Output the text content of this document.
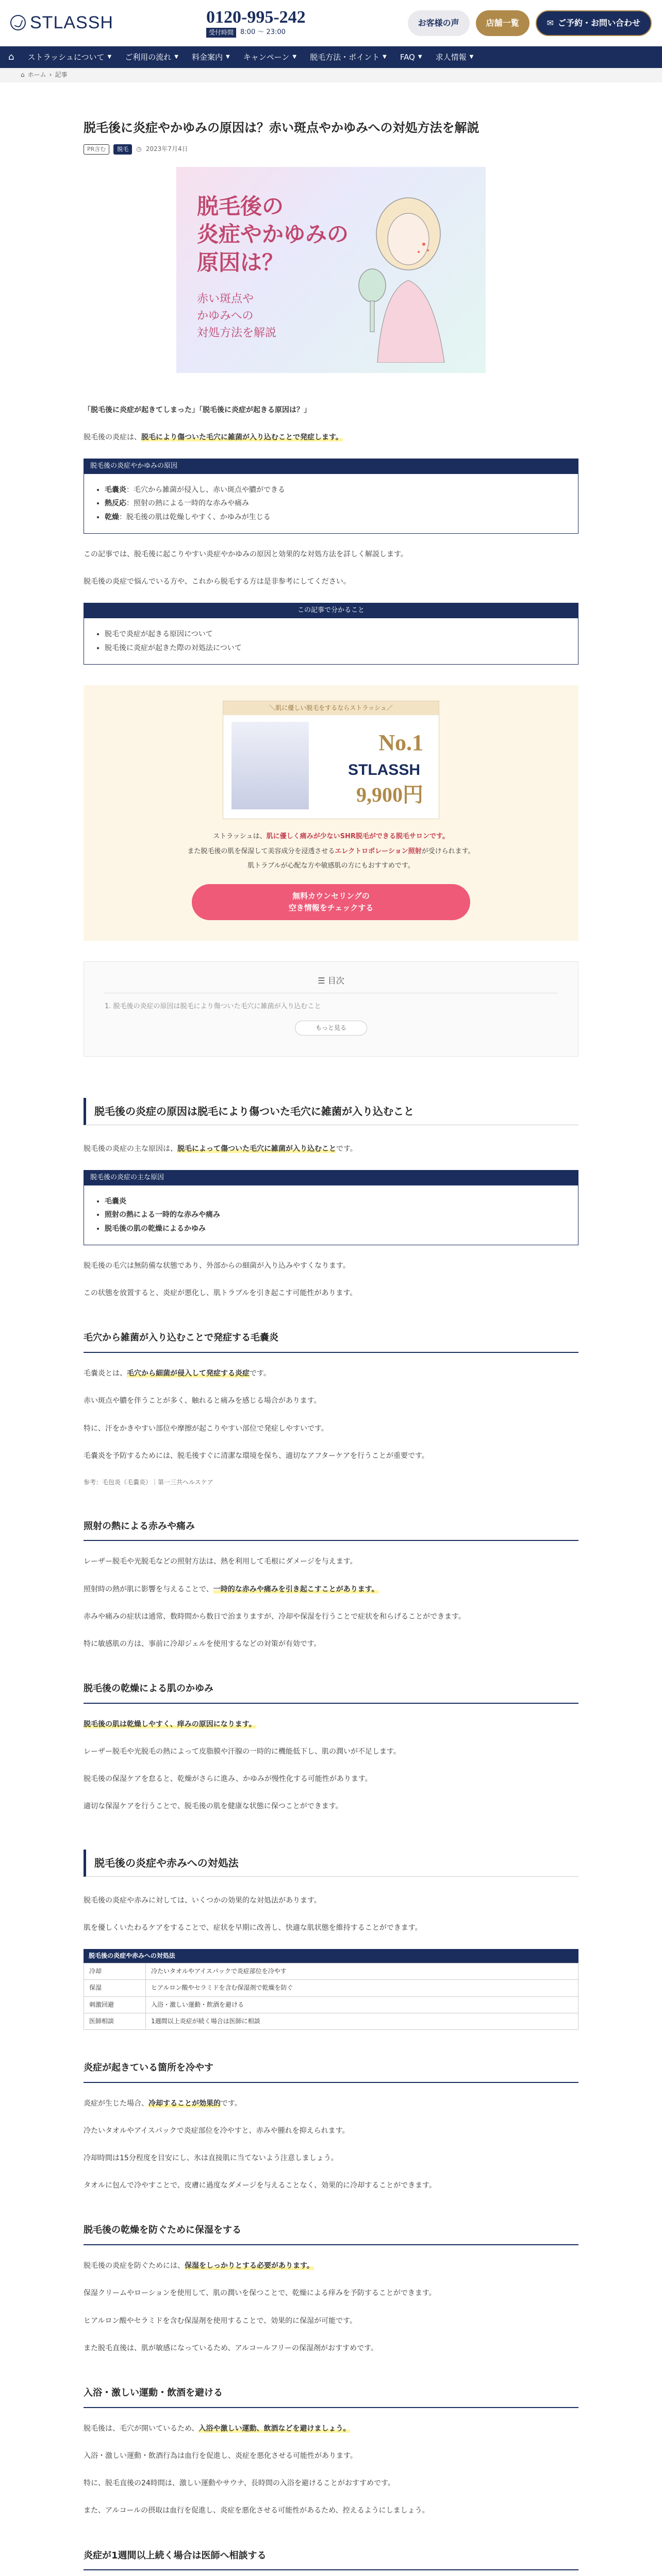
STLASSH	0120-995-242
受付時間	8:00 〜 23:00
お客様の声	店舗一覧	✉ ご予約・お問い合わせ
⌂ ストラッシュについて ▼ ご利用の流れ ▼ 料金案内 ▼ キャンペーン ▼ 脱毛方法・ポイント ▼ FAQ ▼ 求人情報 ▼
⌂ ホーム › 記事
脱毛後に炎症やかゆみの原因は？赤い斑点やかゆみへの対処方法を解説
PR含む	脱毛	◷ 2023年7月4日
脱毛後の
炎症やかゆみの
原因は？
赤い斑点や
かゆみへの
対処方法を解説

「脱毛後に炎症が起きてしまった」「脱毛後に炎症が起きる原因は？」

脱毛後の炎症は、脱毛により傷ついた毛穴に雑菌が入り込むことで発症します。

脱毛後の炎症やかゆみの原因
• 毛嚢炎：毛穴から雑菌が侵入し、赤い斑点や膿ができる
• 熱反応：照射の熱による一時的な赤みや痛み
• 乾燥：脱毛後の肌は乾燥しやすく、かゆみが生じる

この記事では、脱毛後に起こりやすい炎症やかゆみの原因と効果的な対処方法を詳しく解説します。

脱毛後の炎症で悩んでいる方や、これから脱毛する方は是非参考にしてください。

この記事で分かること
• 脱毛で炎症が起きる原因について
• 脱毛後に炎症が起きた際の対処法について
＼肌に優しい脱毛をするならストラッシュ／
No.1
STLASSH
9,900円

ストラッシュは、肌に優しく痛みが少ないSHR脱毛ができる脱毛サロンです。

また脱毛後の肌を保湿して美容成分を浸透させるエレクトロポレーション照射が受けられます。

肌トラブルが心配な方や敏感肌の方にもおすすめです。

無料カウンセリングの
空き情報をチェックする
☰ 目次
1. 脱毛後の炎症の原因は脱毛により傷ついた毛穴に雑菌が入り込むこと
もっと見る
脱毛後の炎症の原因は脱毛により傷ついた毛穴に雑菌が入り込むこと

脱毛後の炎症の主な原因は、脱毛によって傷ついた毛穴に雑菌が入り込むことです。

脱毛後の炎症の主な原因
• 毛嚢炎
• 照射の熱による一時的な赤みや痛み
• 脱毛後の肌の乾燥によるかゆみ

脱毛後の毛穴は無防備な状態であり、外部からの細菌が入り込みやすくなります。

この状態を放置すると、炎症が悪化し、肌トラブルを引き起こす可能性があります。

毛穴から雑菌が入り込むことで発症する毛嚢炎

毛嚢炎とは、毛穴から細菌が侵入して発症する炎症です。

赤い斑点や膿を伴うことが多く、触れると痛みを感じる場合があります。

特に、汗をかきやすい部位や摩擦が起こりやすい部位で発症しやすいです。

毛嚢炎を予防するためには、脱毛後すぐに清潔な環境を保ち、適切なアフターケアを行うことが重要です。

参考：毛包炎（毛嚢炎）｜第一三共ヘルスケア

照射の熱による赤みや痛み

レーザー脱毛や光脱毛などの照射方法は、熱を利用して毛根にダメージを与えます。

照射時の熱が肌に影響を与えることで、一時的な赤みや痛みを引き起こすことがあります。

赤みや痛みの症状は通常、数時間から数日で治まりますが、冷却や保湿を行うことで症状を和らげることができます。

特に敏感肌の方は、事前に冷却ジェルを使用するなどの対策が有効です。

脱毛後の乾燥による肌のかゆみ

脱毛後の肌は乾燥しやすく、痒みの原因になります。

レーザー脱毛や光脱毛の熱によって皮脂膜や汗腺の一時的に機能低下し、肌の潤いが不足します。

脱毛後の保湿ケアを怠ると、乾燥がさらに進み、かゆみが慢性化する可能性があります。

適切な保湿ケアを行うことで、脱毛後の肌を健康な状態に保つことができます。

脱毛後の炎症や赤みへの対処法

脱毛後の炎症や赤みに対しては、いくつかの効果的な対処法があります。

肌を優しくいたわるケアをすることで、症状を早期に改善し、快適な肌状態を維持することができます。

脱毛後の炎症や赤みへの対処法
冷却	冷たいタオルやアイスパックで炎症部位を冷やす
保湿	ヒアルロン酸やセラミドを含む保湿剤で乾燥を防ぐ
刺激回避	入浴・激しい運動・飲酒を避ける
医師相談	1週間以上炎症が続く場合は医師に相談
炎症が起きている箇所を冷やす

炎症が生じた場合、冷却することが効果的です。

冷たいタオルやアイスパックで炎症部位を冷やすと、赤みや腫れを抑えられます。

冷却時間は15分程度を目安にし、氷は直接肌に当てないよう注意しましょう。

タオルに包んで冷やすことで、皮膚に過度なダメージを与えることなく、効果的に冷却することができます。

脱毛後の乾燥を防ぐために保湿をする

脱毛後の炎症を防ぐためには、保湿をしっかりとする必要があります。

保湿クリームやローションを使用して、肌の潤いを保つことで、乾燥による痒みを予防することができます。

ヒアルロン酸やセラミドを含む保湿剤を使用することで、効果的に保湿が可能です。

また脱毛直後は、肌が敏感になっているため、アルコールフリーの保湿剤がおすすめです。

入浴・激しい運動・飲酒を避ける

脱毛後は、毛穴が開いているため、入浴や激しい運動、飲酒などを避けましょう。

入浴・激しい運動・飲酒行為は血行を促進し、炎症を悪化させる可能性があります。

特に、脱毛直後の24時間は、激しい運動やサウナ、長時間の入浴を避けることがおすすめです。

また、アルコールの摂取は血行を促進し、炎症を悪化させる可能性があるため、控えるようにしましょう。

炎症が1週間以上続く場合は医師へ相談する
